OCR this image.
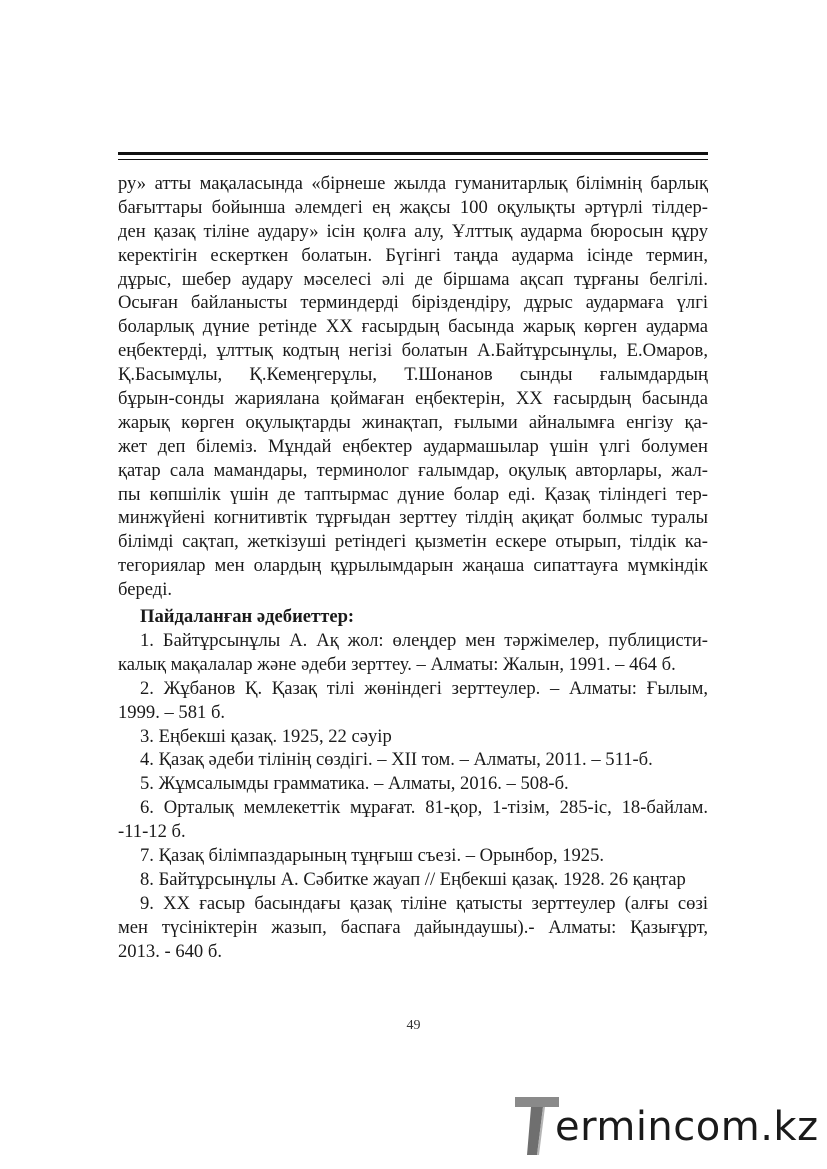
ру» атты мақаласында «бірнеше жылда гуманитарлық білімнің барлық
бағыттары бойынша әлемдегі ең жақсы 100 оқулықты әртүрлі тілдер-
ден қазақ тіліне аудару» ісін қолға алу, Ұлттық аударма бюросын құру
керектігін ескерткен болатын. Бүгінгі таңда аударма ісінде термин,
дұрыс, шебер аудару мәселесі әлі де біршама ақсап тұрғаны белгілі.
Осыған байланысты терминдерді біріздендіру, дұрыс аудармаға үлгі
боларлық дүние ретінде XX ғасырдың басында жарық көрген аударма
еңбектерді, ұлттық кодтың негізі болатын А.Байтұрсынұлы, Е.Омаров,
Қ.Басымұлы, Қ.Кемеңгерұлы, Т.Шонанов сынды ғалымдардың
бұрын-сонды жариялана қоймаған еңбектерін, XX ғасырдың басында
жарық көрген оқулықтарды жинақтап, ғылыми айналымға енгізу қа-
жет деп білеміз. Мұндай еңбектер аудармашылар үшін үлгі болумен
қатар сала мамандары, терминолог ғалымдар, оқулық авторлары, жал-
пы көпшілік үшін де таптырмас дүние болар еді. Қазақ тіліндегі тер-
минжүйені когнитивтік тұрғыдан зерттеу тілдің ақиқат болмыс туралы
білімді сақтап, жеткізуші ретіндегі қызметін ескере отырып, тілдік ка-
тегориялар мен олардың құрылымдарын жаңаша сипаттауға мүмкіндік
береді.
Пайдаланған әдебиеттер:
1. Байтұрсынұлы А. Ақ жол: өлеңдер мен тәржімелер, публицисти-
калық мақалалар және әдеби зерттеу. – Алматы: Жалын, 1991. – 464 б.
2. Жұбанов Қ. Қазақ тілі жөніндегі зерттеулер. – Алматы: Ғылым,
1999. – 581 б.
3. Еңбекші қазақ. 1925, 22 сәуір
4. Қазақ әдеби тілінің сөздігі. – XII том. – Алматы, 2011. – 511-б.
5. Жұмсалымды грамматика. – Алматы, 2016. – 508-б.
6. Орталық мемлекеттік мұрағат. 81-қор, 1-тізім, 285-іс, 18-байлам.
-11-12 б.
7. Қазақ білімпаздарының тұңғыш съезі. – Орынбор, 1925.
8. Байтұрсынұлы А. Сәбитке жауап // Еңбекші қазақ. 1928. 26 қаңтар
9. XX ғасыр басындағы қазақ тіліне қатысты зерттеулер (алғы сөзі
мен түсініктерін жазып, баспаға дайындаушы).- Алматы: Қазығұрт,
2013. - 640 б.
49
ermincom.kz
